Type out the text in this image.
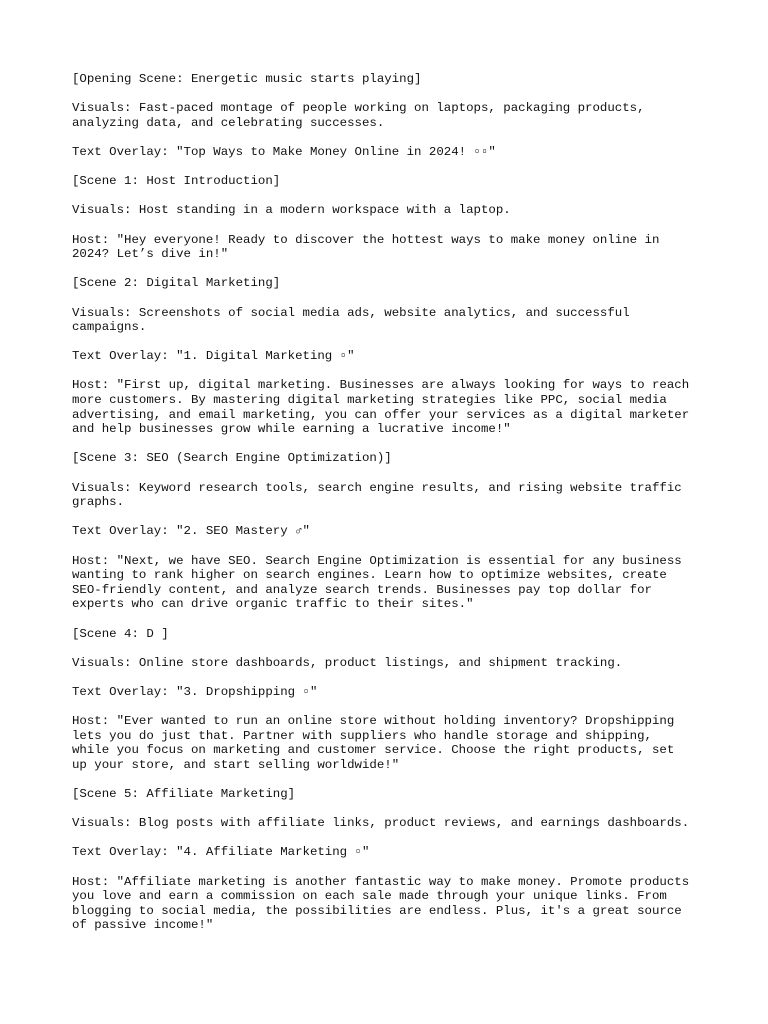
[Opening Scene: Energetic music starts playing]

Visuals: Fast-paced montage of people working on laptops, packaging products,
analyzing data, and celebrating successes.

Text Overlay: "Top Ways to Make Money Online in 2024! ▫▫"

[Scene 1: Host Introduction]

Visuals: Host standing in a modern workspace with a laptop.

Host: "Hey everyone! Ready to discover the hottest ways to make money online in
2024? Let’s dive in!"

[Scene 2: Digital Marketing]

Visuals: Screenshots of social media ads, website analytics, and successful
campaigns.

Text Overlay: "1. Digital Marketing ▫"

Host: "First up, digital marketing. Businesses are always looking for ways to reach
more customers. By mastering digital marketing strategies like PPC, social media
advertising, and email marketing, you can offer your services as a digital marketer
and help businesses grow while earning a lucrative income!"

[Scene 3: SEO (Search Engine Optimization)]

Visuals: Keyword research tools, search engine results, and rising website traffic
graphs.

Text Overlay: "2. SEO Mastery ♂"

Host: "Next, we have SEO. Search Engine Optimization is essential for any business
wanting to rank higher on search engines. Learn how to optimize websites, create
SEO-friendly content, and analyze search trends. Businesses pay top dollar for
experts who can drive organic traffic to their sites."

[Scene 4: D ]

Visuals: Online store dashboards, product listings, and shipment tracking.

Text Overlay: "3. Dropshipping ▫"

Host: "Ever wanted to run an online store without holding inventory? Dropshipping
lets you do just that. Partner with suppliers who handle storage and shipping,
while you focus on marketing and customer service. Choose the right products, set
up your store, and start selling worldwide!"

[Scene 5: Affiliate Marketing]

Visuals: Blog posts with affiliate links, product reviews, and earnings dashboards.

Text Overlay: "4. Affiliate Marketing ▫"

Host: "Affiliate marketing is another fantastic way to make money. Promote products
you love and earn a commission on each sale made through your unique links. From
blogging to social media, the possibilities are endless. Plus, it's a great source
of passive income!"
